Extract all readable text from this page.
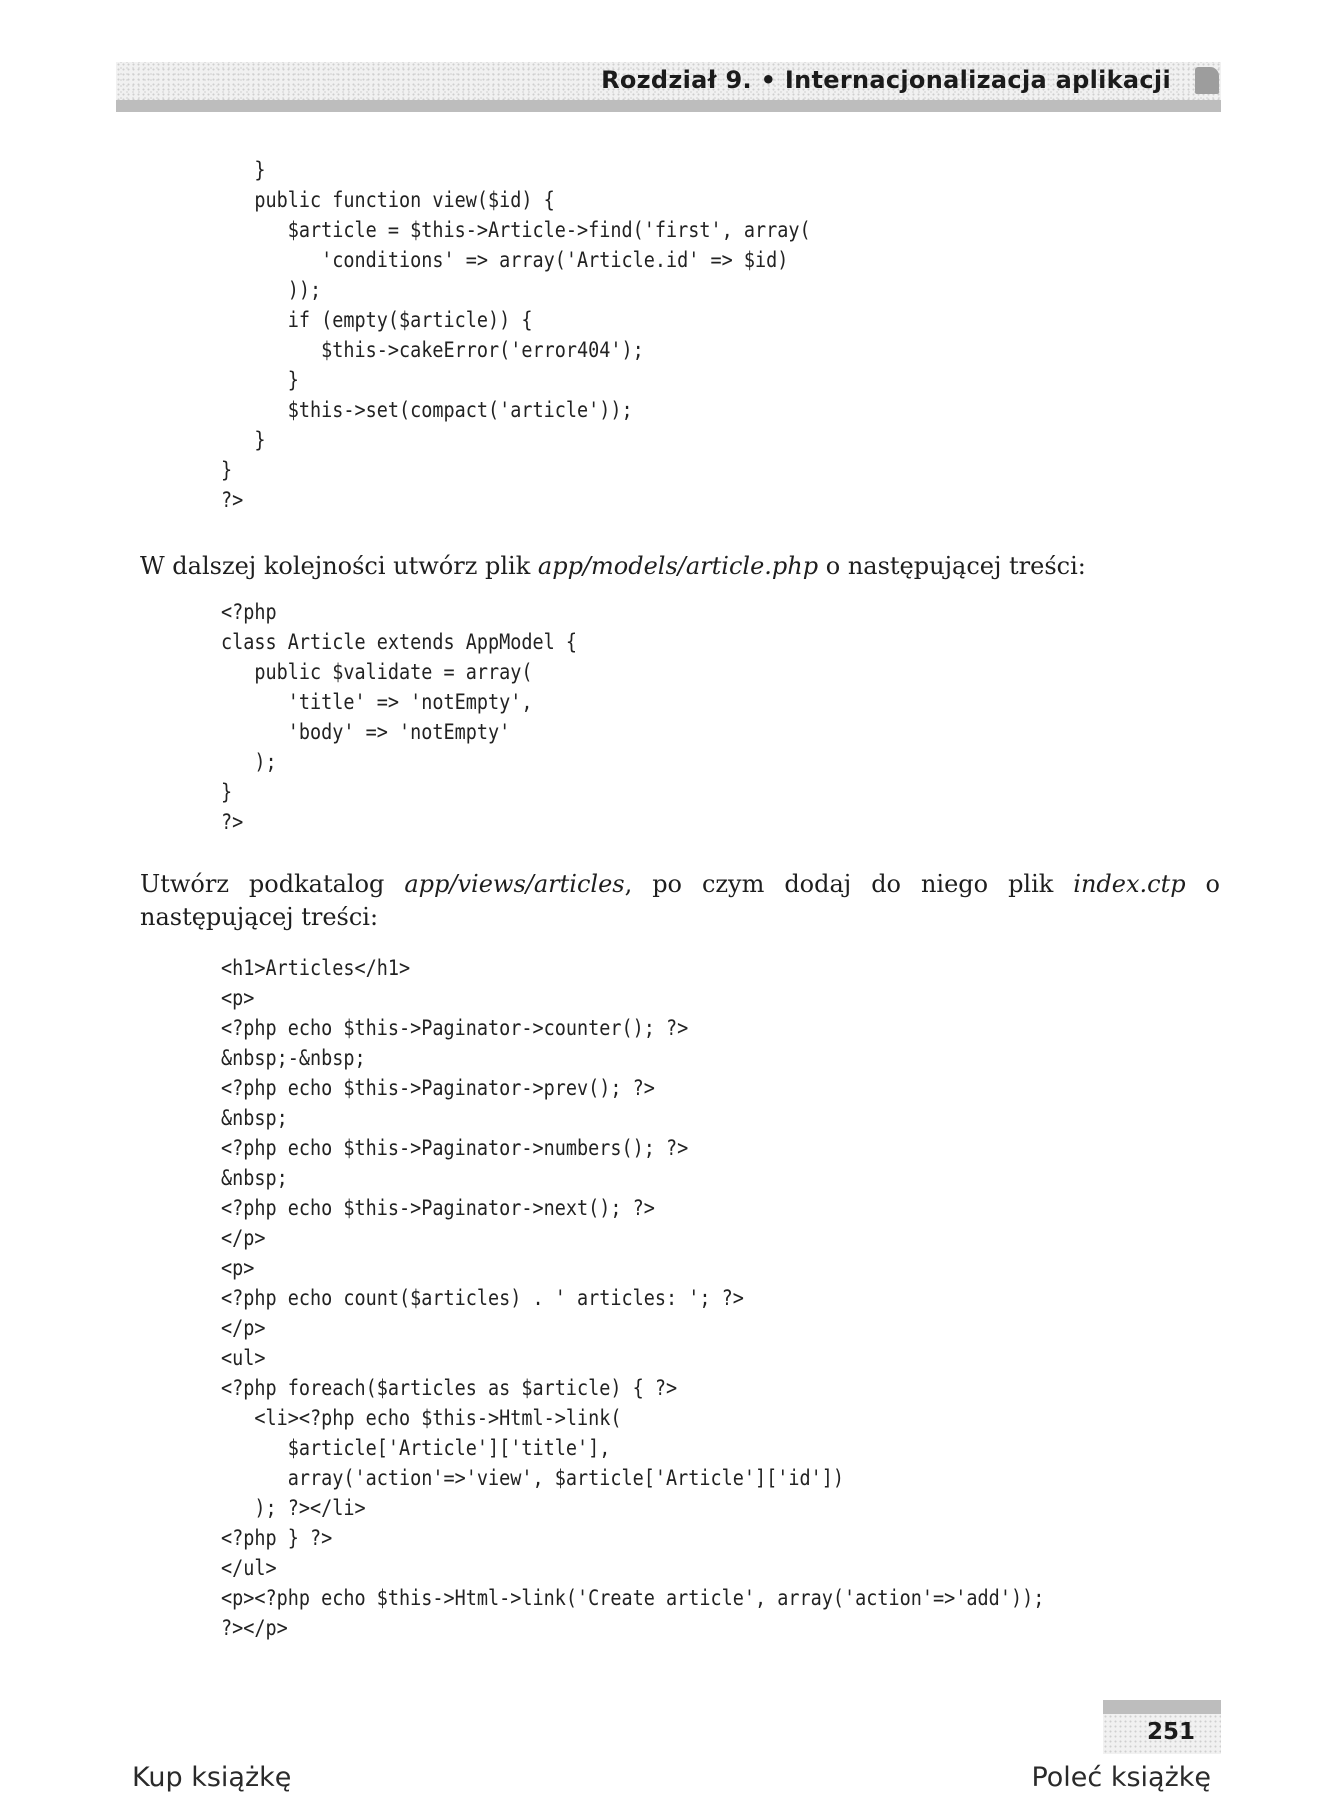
Rozdział 9. • Internacjonalizacja aplikacji
}
public function view($id) {
$article = $this->Article->find('first', array(
'conditions' => array('Article.id' => $id)
));
if (empty($article)) {
$this->cakeError('error404');
}
$this->set(compact('article'));
}
}
?>
W dalszej kolejności utwórz plik app/models/article.php o następującej treści:
<?php
class Article extends AppModel {
public $validate = array(
'title' => 'notEmpty',
'body' => 'notEmpty'
);
}
?>
Utwórz podkatalog app/views/articles, po czym dodaj do niego plik index.ctp o następującej treści:
<h1>Articles</h1>
<p>
<?php echo $this->Paginator->counter(); ?>
&nbsp;-&nbsp;
<?php echo $this->Paginator->prev(); ?>
&nbsp;
<?php echo $this->Paginator->numbers(); ?>
&nbsp;
<?php echo $this->Paginator->next(); ?>
</p>
<p>
<?php echo count($articles) . ' articles: '; ?>
</p>
<ul>
<?php foreach($articles as $article) { ?>
<li><?php echo $this->Html->link(
$article['Article']['title'],
array('action'=>'view', $article['Article']['id'])
); ?></li>
<?php } ?>
</ul>
<p><?php echo $this->Html->link('Create article', array('action'=>'add'));
?></p>
251
Kup książkę	Poleć książkę
